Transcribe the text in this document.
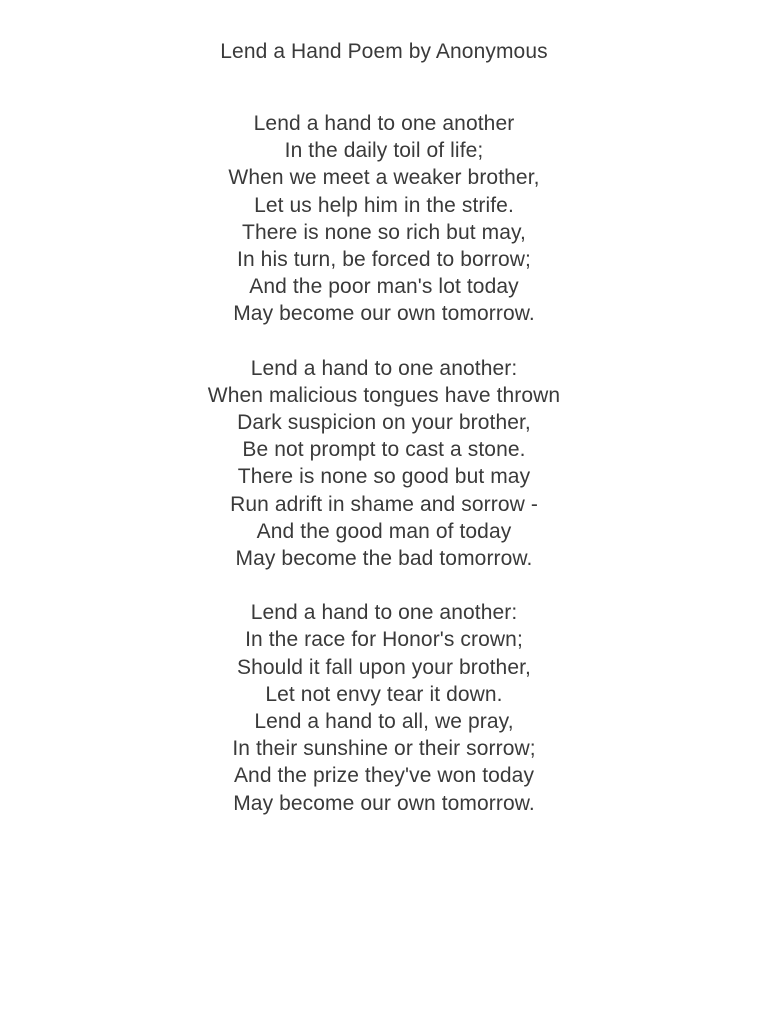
Lend a Hand Poem by Anonymous
Lend a hand to one another
In the daily toil of life;
When we meet a weaker brother,
Let us help him in the strife.
There is none so rich but may,
In his turn, be forced to borrow;
And the poor man's lot today
May become our own tomorrow.
Lend a hand to one another:
When malicious tongues have thrown
Dark suspicion on your brother,
Be not prompt to cast a stone.
There is none so good but may
Run adrift in shame and sorrow -
And the good man of today
May become the bad tomorrow.
Lend a hand to one another:
In the race for Honor's crown;
Should it fall upon your brother,
Let not envy tear it down.
Lend a hand to all, we pray,
In their sunshine or their sorrow;
And the prize they've won today
May become our own tomorrow.
